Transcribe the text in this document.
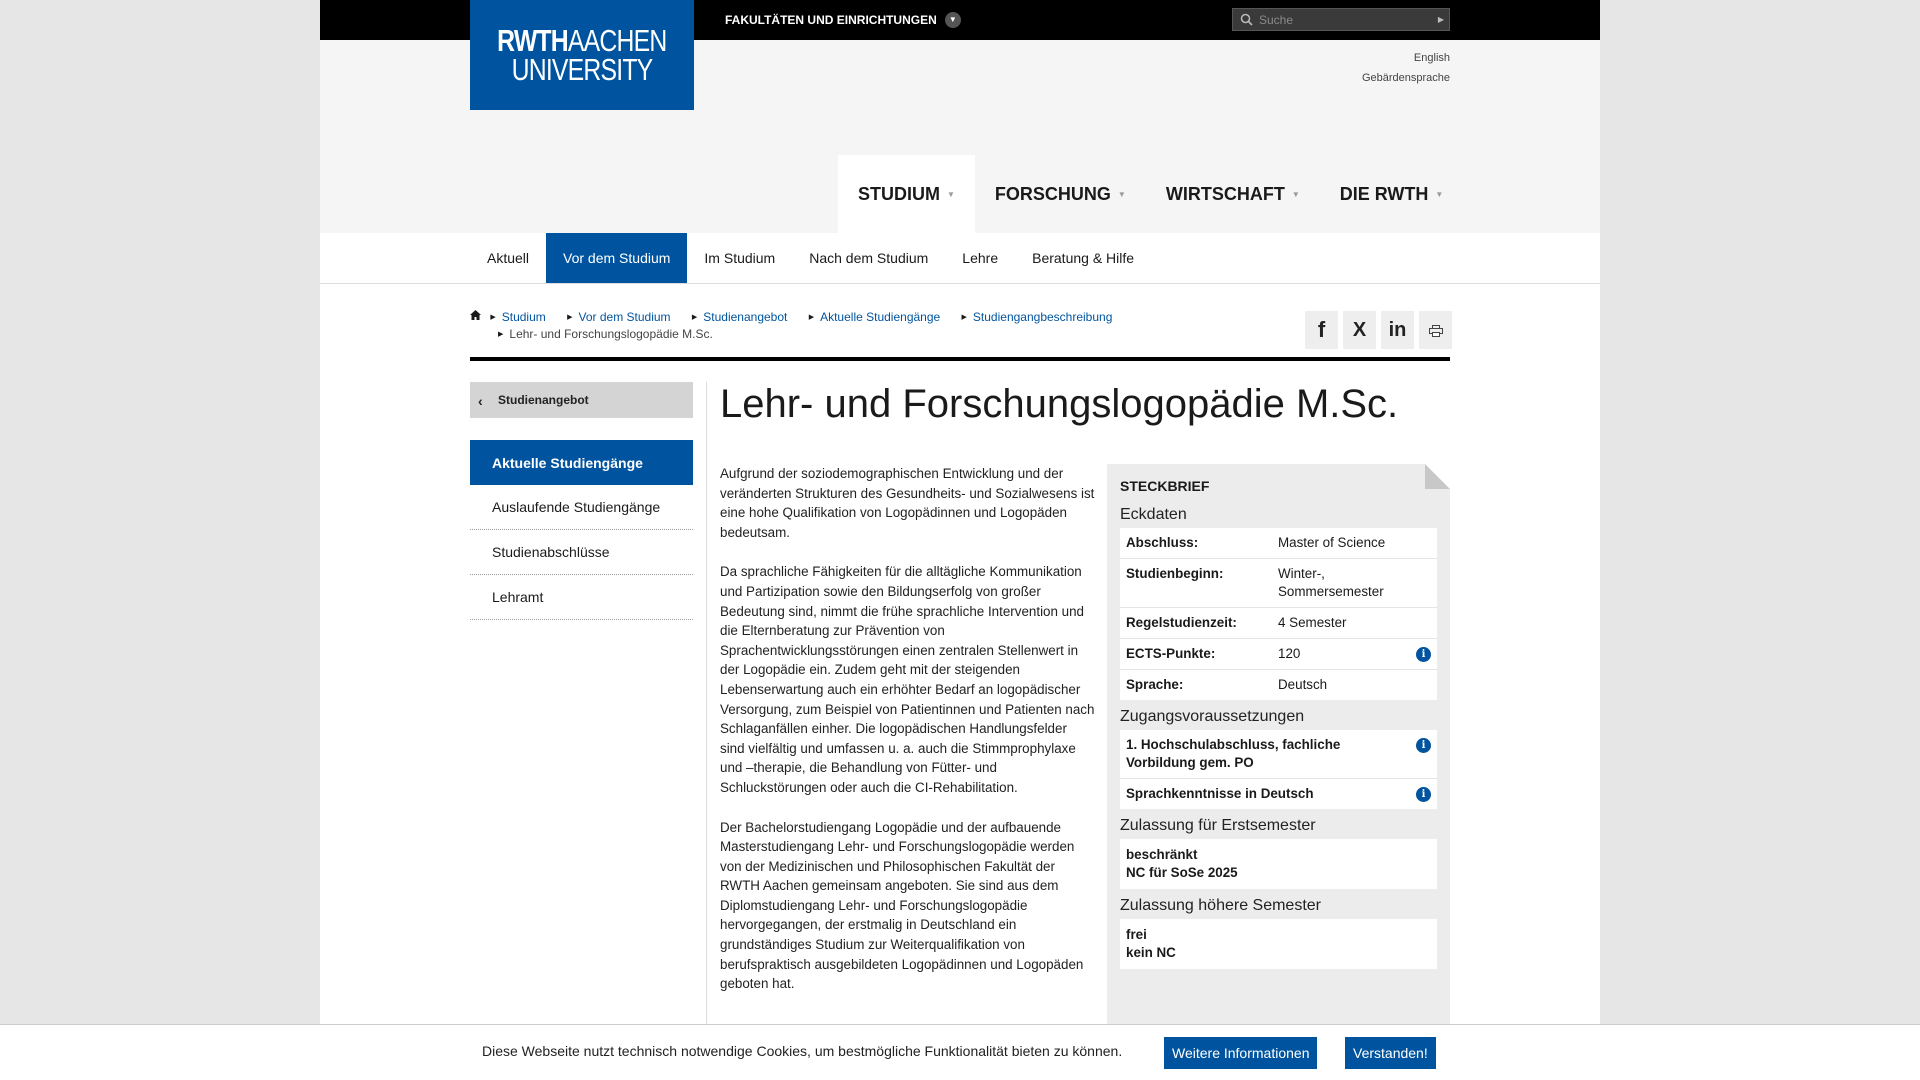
FAKULTÄTEN UND EINRICHTUNGEN	▼
Suche	▶
RWTHAACHEN
UNIVERSITY	English
Gebärdensprache
STUDIUM ▼ FORSCHUNG ▼ WIRTSCHAFT ▼ DIE RWTH ▼
Aktuell	Vor dem Studium	Im Studium	Nach dem Studium	Lehre	Beratung & Hilfe

▶ Studium
	▶ Vor dem Studium
	▶ Studienangebot
	▶ Aktuelle Studiengänge
	▶ Studiengangbeschreibung

▶ Lehr- und Forschungslogopädie M.Sc.	f X in
‹ Studienangebot
Aktuelle Studiengänge
Auslaufende Studiengänge
Studienabschlüsse
Lehramt
Lehr- und Forschungslogopädie M.Sc.

Aufgrund der soziodemographischen Entwicklung und der veränderten Strukturen des Gesundheits- und Sozialwesens ist eine hohe Qualifikation von Logopädinnen und Logopäden bedeutsam.

Da sprachliche Fähigkeiten für die alltägliche Kommunikation und Partizipation sowie den Bildungserfolg von großer Bedeutung sind, nimmt die frühe sprachliche Intervention und die Elternberatung zur Prävention von Sprachentwicklungsstörungen einen zentralen Stellenwert in der Logopädie ein. Zudem geht mit der steigenden Lebenserwartung auch ein erhöhter Bedarf an logopädischer Versorgung, zum Beispiel von Patientinnen und Patienten nach Schlaganfällen einher. Die logopädischen Handlungsfelder sind vielfältig und umfassen u. a. auch die Stimmprophylaxe und –therapie, die Behandlung von Fütter- und Schluckstörungen oder auch die CI-Rehabilitation.

Der Bachelorstudiengang Logopädie und der aufbauende Masterstudiengang Lehr- und Forschungslogopädie werden von der Medizinischen und Philosophischen Fakultät der RWTH Aachen gemeinsam angeboten. Sie sind aus dem Diplomstudiengang Lehr- und Forschungslogopädie hervorgegangen, der erstmalig in Deutschland ein grundständiges Studium zur Weiterqualifikation von berufspraktisch ausgebildeten Logopädinnen und Logopäden geboten hat.

STECKBRIEF
Eckdaten
Abschluss:	Master of Science
Studienbeginn:	Winter-, Sommersemester
Regelstudienzeit:	4 Semester
ECTS-Punkte:	120	i
Sprache:	Deutsch
Zugangsvoraussetzungen
1. Hochschulabschluss, fachliche Vorbildung gem. PO
i
Sprachkenntnisse in Deutsch	i
Zulassung für Erstsemester
beschränkt
NC für SoSe 2025
Zulassung höhere Semester
frei
kein NC
Diese Webseite nutzt technisch notwendige Cookies, um bestmögliche Funktionalität bieten zu können.	Weitere Informationen	Verstanden!
